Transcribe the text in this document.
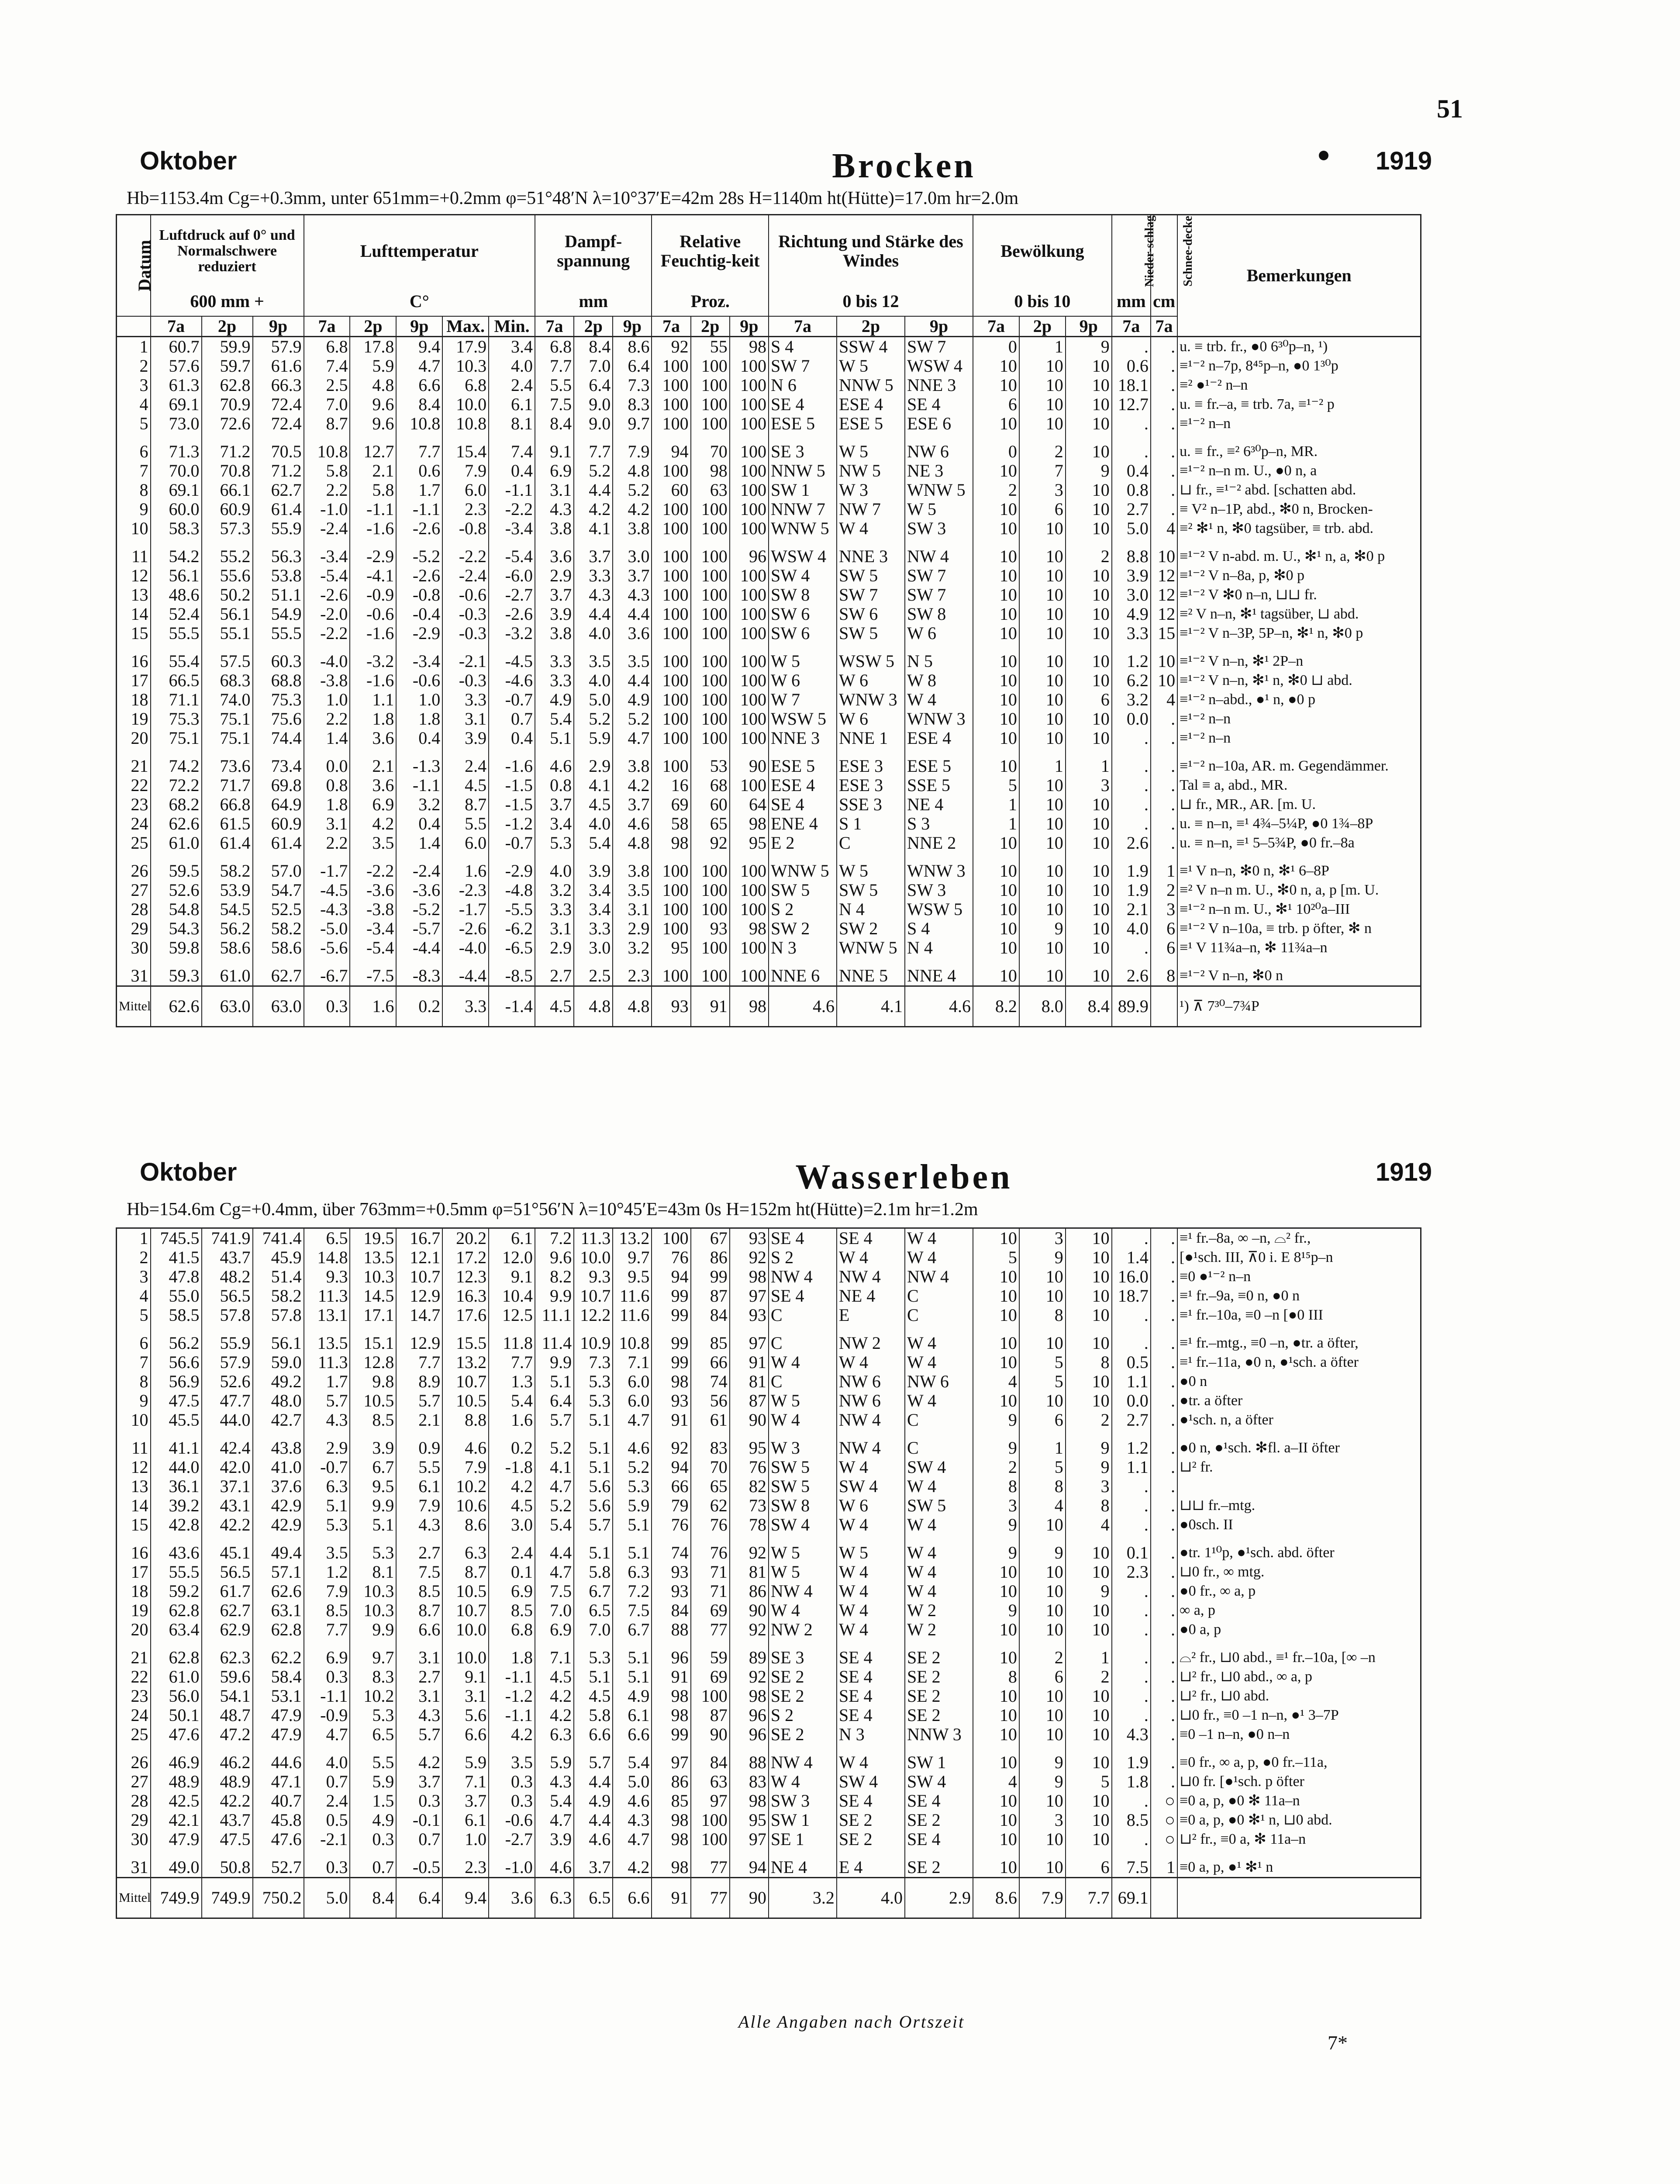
51
Oktober	Brocken	1919
Hb=1153.4m Cg=+0.3mm, unter 651mm=+0.2mm φ=51°48′N λ=10°37′E=42m 28s H=1140m ht(Hütte)=17.0m hr=2.0m
Datum	Luftdruck auf 0° und Normalschwere reduziert			Lufttemperatur					Dampf-spannung			Relative Feuchtig-keit			Richtung und Stärke des Windes			Bewölkung			Nieder-schlag	Schnee-decke	Bemerkungen
	600 mm +			C°					mm			Proz.			0 bis 12			0 bis 10			mm	cm	
	7a	2p	9p	7a	2p	9p	Max.	Min.	7a	2p	9p	7a	2p	9p	7a	2p	9p	7a	2p	9p	7a	7a	
1	60.7	59.9	57.9	6.8	17.8	9.4	17.9	3.4	6.8	8.4	8.6	92	55	98	S 4	SSW 4	SW 7	0	1	9	.	.	u. ≡ trb. fr., ●0 6³⁰p–n, ¹)
2	57.6	59.7	61.6	7.4	5.9	4.7	10.3	4.0	7.7	7.0	6.4	100	100	100	SW 7	W 5	WSW 4	10	10	10	0.6	.	≡¹⁻² n–7p, 8⁴⁵p–n, ●0 1³⁰p
3	61.3	62.8	66.3	2.5	4.8	6.6	6.8	2.4	5.5	6.4	7.3	100	100	100	N 6	NNW 5	NNE 3	10	10	10	18.1	.	≡² ●¹⁻² n–n
4	69.1	70.9	72.4	7.0	9.6	8.4	10.0	6.1	7.5	9.0	8.3	100	100	100	SE 4	ESE 4	SE 4	6	10	10	12.7	.	u. ≡ fr.–a, ≡ trb. 7a, ≡¹⁻² p
5	73.0	72.6	72.4	8.7	9.6	10.8	10.8	8.1	8.4	9.0	9.7	100	100	100	ESE 5	ESE 5	ESE 6	10	10	10	.	.	≡¹⁻² n–n

6	71.3	71.2	70.5	10.8	12.7	7.7	15.4	7.4	9.1	7.7	7.9	94	70	100	SE 3	W 5	NW 6	0	2	10	.	.	u. ≡ fr., ≡² 6³⁰p–n, MR.
7	70.0	70.8	71.2	5.8	2.1	0.6	7.9	0.4	6.9	5.2	4.8	100	98	100	NNW 5	NW 5	NE 3	10	7	9	0.4	.	≡¹⁻² n–n m. U., ●0 n, a
8	69.1	66.1	62.7	2.2	5.8	1.7	6.0	-1.1	3.1	4.4	5.2	60	63	100	SW 1	W 3	WNW 5	2	3	10	0.8	.	⊔ fr., ≡¹⁻² abd. [schatten abd.
9	60.0	60.9	61.4	-1.0	-1.1	-1.1	2.3	-2.2	4.3	4.2	4.2	100	100	100	NNW 7	NW 7	W 5	10	6	10	2.7	.	≡ V² n–1P, abd., ✻0 n, Brocken-
10	58.3	57.3	55.9	-2.4	-1.6	-2.6	-0.8	-3.4	3.8	4.1	3.8	100	100	100	WNW 5	W 4	SW 3	10	10	10	5.0	4	≡² ✻¹ n, ✻0 tagsüber, ≡ trb. abd.

11	54.2	55.2	56.3	-3.4	-2.9	-5.2	-2.2	-5.4	3.6	3.7	3.0	100	100	96	WSW 4	NNE 3	NW 4	10	10	2	8.8	10	≡¹⁻² V n-abd. m. U., ✻¹ n, a, ✻0 p
12	56.1	55.6	53.8	-5.4	-4.1	-2.6	-2.4	-6.0	2.9	3.3	3.7	100	100	100	SW 4	SW 5	SW 7	10	10	10	3.9	12	≡¹⁻² V n–8a, p, ✻0 p
13	48.6	50.2	51.1	-2.6	-0.9	-0.8	-0.6	-2.7	3.7	4.3	4.3	100	100	100	SW 8	SW 7	SW 7	10	10	10	3.0	12	≡¹⁻² V ✻0 n–n, ⊔⊔ fr.
14	52.4	56.1	54.9	-2.0	-0.6	-0.4	-0.3	-2.6	3.9	4.4	4.4	100	100	100	SW 6	SW 6	SW 8	10	10	10	4.9	12	≡² V n–n, ✻¹ tagsüber, ⊔ abd.
15	55.5	55.1	55.5	-2.2	-1.6	-2.9	-0.3	-3.2	3.8	4.0	3.6	100	100	100	SW 6	SW 5	W 6	10	10	10	3.3	15	≡¹⁻² V n–3P, 5P–n, ✻¹ n, ✻0 p

16	55.4	57.5	60.3	-4.0	-3.2	-3.4	-2.1	-4.5	3.3	3.5	3.5	100	100	100	W 5	WSW 5	N 5	10	10	10	1.2	10	≡¹⁻² V n–n, ✻¹ 2P–n
17	66.5	68.3	68.8	-3.8	-1.6	-0.6	-0.3	-4.6	3.3	4.0	4.4	100	100	100	W 6	W 6	W 8	10	10	10	6.2	10	≡¹⁻² V n–n, ✻¹ n, ✻0 ⊔ abd.
18	71.1	74.0	75.3	1.0	1.1	1.0	3.3	-0.7	4.9	5.0	4.9	100	100	100	W 7	WNW 3	W 4	10	10	6	3.2	4	≡¹⁻² n–abd., ●¹ n, ●0 p
19	75.3	75.1	75.6	2.2	1.8	1.8	3.1	0.7	5.4	5.2	5.2	100	100	100	WSW 5	W 6	WNW 3	10	10	10	0.0	.	≡¹⁻² n–n
20	75.1	75.1	74.4	1.4	3.6	0.4	3.9	0.4	5.1	5.9	4.7	100	100	100	NNE 3	NNE 1	ESE 4	10	10	10	.	.	≡¹⁻² n–n

21	74.2	73.6	73.4	0.0	2.1	-1.3	2.4	-1.6	4.6	2.9	3.8	100	53	90	ESE 5	ESE 3	ESE 5	10	1	1	.	.	≡¹⁻² n–10a, AR. m. Gegendämmer.
22	72.2	71.7	69.8	0.8	3.6	-1.1	4.5	-1.5	0.8	4.1	4.2	16	68	100	ESE 4	ESE 3	SSE 5	5	10	3	.	.	Tal ≡ a, abd., MR.
23	68.2	66.8	64.9	1.8	6.9	3.2	8.7	-1.5	3.7	4.5	3.7	69	60	64	SE 4	SSE 3	NE 4	1	10	10	.	.	⊔ fr., MR., AR. [m. U.
24	62.6	61.5	60.9	3.1	4.2	0.4	5.5	-1.2	3.4	4.0	4.6	58	65	98	ENE 4	S 1	S 3	1	10	10	.	.	u. ≡ n–n, ≡¹ 4¾–5¼P, ●0 1¾–8P
25	61.0	61.4	61.4	2.2	3.5	1.4	6.0	-0.7	5.3	5.4	4.8	98	92	95	E 2	C	NNE 2	10	10	10	2.6	.	u. ≡ n–n, ≡¹ 5–5¾P, ●0 fr.–8a

26	59.5	58.2	57.0	-1.7	-2.2	-2.4	1.6	-2.9	4.0	3.9	3.8	100	100	100	WNW 5	W 5	WNW 3	10	10	10	1.9	1	≡¹ V n–n, ✻0 n, ✻¹ 6–8P
27	52.6	53.9	54.7	-4.5	-3.6	-3.6	-2.3	-4.8	3.2	3.4	3.5	100	100	100	SW 5	SW 5	SW 3	10	10	10	1.9	2	≡² V n–n m. U., ✻0 n, a, p [m. U.
28	54.8	54.5	52.5	-4.3	-3.8	-5.2	-1.7	-5.5	3.3	3.4	3.1	100	100	100	S 2	N 4	WSW 5	10	10	10	2.1	3	≡¹⁻² n–n m. U., ✻¹ 10²⁰a–III
29	54.3	56.2	58.2	-5.0	-3.4	-5.7	-2.6	-6.2	3.1	3.3	2.9	100	93	98	SW 2	SW 2	S 4	10	9	10	4.0	6	≡¹⁻² V n–10a, ≡ trb. p öfter, ✻ n
30	59.8	58.6	58.6	-5.6	-5.4	-4.4	-4.0	-6.5	2.9	3.0	3.2	95	100	100	N 3	WNW 5	N 4	10	10	10	.	6	≡¹ V 11¾a–n, ✻ 11¾a–n

31	59.3	61.0	62.7	-6.7	-7.5	-8.3	-4.4	-8.5	2.7	2.5	2.3	100	100	100	NNE 6	NNE 5	NNE 4	10	10	10	2.6	8	≡¹⁻² V n–n, ✻0 n
Mittel	62.6	63.0	63.0	0.3	1.6	0.2	3.3	-1.4	4.5	4.8	4.8	93	91	98	4.6	4.1	4.6	8.2	8.0	8.4	89.9		¹) ⊼ 7³⁰–7¾P
Oktober	Wasserleben	1919
Hb=154.6m Cg=+0.4mm, über 763mm=+0.5mm φ=51°56′N λ=10°45′E=43m 0s H=152m ht(Hütte)=2.1m hr=1.2m
1	745.5	741.9	741.4	6.5	19.5	16.7	20.2	6.1	7.2	11.3	13.2	100	67	93	SE 4	SE 4	W 4	10	3	10	.	.	≡¹ fr.–8a, ∞ –n, ⌓² fr.,
2	41.5	43.7	45.9	14.8	13.5	12.1	17.2	12.0	9.6	10.0	9.7	76	86	92	S 2	W 4	W 4	5	9	10	1.4	.	[●¹sch. III, ⊼0 i. E 8¹⁵p–n
3	47.8	48.2	51.4	9.3	10.3	10.7	12.3	9.1	8.2	9.3	9.5	94	99	98	NW 4	NW 4	NW 4	10	10	10	16.0	.	≡0 ●¹⁻² n–n
4	55.0	56.5	58.2	11.3	14.5	12.9	16.3	10.4	9.9	10.7	11.6	99	87	97	SE 4	NE 4	C	10	10	10	18.7	.	≡¹ fr.–9a, ≡0 n, ●0 n
5	58.5	57.8	57.8	13.1	17.1	14.7	17.6	12.5	11.1	12.2	11.6	99	84	93	C	E	C	10	8	10	.	.	≡¹ fr.–10a, ≡0 –n [●0 III

6	56.2	55.9	56.1	13.5	15.1	12.9	15.5	11.8	11.4	10.9	10.8	99	85	97	C	NW 2	W 4	10	10	10	.	.	≡¹ fr.–mtg., ≡0 –n, ●tr. a öfter,
7	56.6	57.9	59.0	11.3	12.8	7.7	13.2	7.7	9.9	7.3	7.1	99	66	91	W 4	W 4	W 4	10	5	8	0.5	.	≡¹ fr.–11a, ●0 n, ●¹sch. a öfter
8	56.9	52.6	49.2	1.7	9.8	8.9	10.7	1.3	5.1	5.3	6.0	98	74	81	C	NW 6	NW 6	4	5	10	1.1	.	●0 n
9	47.5	47.7	48.0	5.7	10.5	5.7	10.5	5.4	6.4	5.3	6.0	93	56	87	W 5	NW 6	W 4	10	10	10	0.0	.	●tr. a öfter
10	45.5	44.0	42.7	4.3	8.5	2.1	8.8	1.6	5.7	5.1	4.7	91	61	90	W 4	NW 4	C	9	6	2	2.7	.	●¹sch. n, a öfter

11	41.1	42.4	43.8	2.9	3.9	0.9	4.6	0.2	5.2	5.1	4.6	92	83	95	W 3	NW 4	C	9	1	9	1.2	.	●0 n, ●¹sch. ✻fl. a–II öfter
12	44.0	42.0	41.0	-0.7	6.7	5.5	7.9	-1.8	4.1	5.1	5.2	94	70	76	SW 5	W 4	SW 4	2	5	9	1.1	.	⊔² fr.
13	36.1	37.1	37.6	6.3	9.5	6.1	10.2	4.2	4.7	5.6	5.3	66	65	82	SW 5	SW 4	W 4	8	8	3	.	.	
14	39.2	43.1	42.9	5.1	9.9	7.9	10.6	4.5	5.2	5.6	5.9	79	62	73	SW 8	W 6	SW 5	3	4	8	.	.	⊔⊔ fr.–mtg.
15	42.8	42.2	42.9	5.3	5.1	4.3	8.6	3.0	5.4	5.7	5.1	76	76	78	SW 4	W 4	W 4	9	10	4	.	.	●0sch. II

16	43.6	45.1	49.4	3.5	5.3	2.7	6.3	2.4	4.4	5.1	5.1	74	76	92	W 5	W 5	W 4	9	9	10	0.1	.	●tr. 1¹⁰p, ●¹sch. abd. öfter
17	55.5	56.5	57.1	1.2	8.1	7.5	8.7	0.1	4.7	5.8	6.3	93	71	81	W 5	W 4	W 4	10	10	10	2.3	.	⊔0 fr., ∞ mtg.
18	59.2	61.7	62.6	7.9	10.3	8.5	10.5	6.9	7.5	6.7	7.2	93	71	86	NW 4	W 4	W 4	10	10	9	.	.	●0 fr., ∞ a, p
19	62.8	62.7	63.1	8.5	10.3	8.7	10.7	8.5	7.0	6.5	7.5	84	69	90	W 4	W 4	W 2	9	10	10	.	.	∞ a, p
20	63.4	62.9	62.8	7.7	9.9	6.6	10.0	6.8	6.9	7.0	6.7	88	77	92	NW 2	W 4	W 2	10	10	10	.	.	●0 a, p

21	62.8	62.3	62.2	6.9	9.7	3.1	10.0	1.8	7.1	5.3	5.1	96	59	89	SE 3	SE 4	SE 2	10	2	1	.	.	⌓² fr., ⊔0 abd., ≡¹ fr.–10a, [∞ –n
22	61.0	59.6	58.4	0.3	8.3	2.7	9.1	-1.1	4.5	5.1	5.1	91	69	92	SE 2	SE 4	SE 2	8	6	2	.	.	⊔² fr., ⊔0 abd., ∞ a, p
23	56.0	54.1	53.1	-1.1	10.2	3.1	3.1	-1.2	4.2	4.5	4.9	98	100	98	SE 2	SE 4	SE 2	10	10	10	.	.	⊔² fr., ⊔0 abd.
24	50.1	48.7	47.9	-0.9	5.3	4.3	5.6	-1.1	4.2	5.8	6.1	98	87	96	S 2	SE 4	SE 2	10	10	10	.	.	⊔0 fr., ≡0 –1 n–n, ●¹ 3–7P
25	47.6	47.2	47.9	4.7	6.5	5.7	6.6	4.2	6.3	6.6	6.6	99	90	96	SE 2	N 3	NNW 3	10	10	10	4.3	.	≡0 –1 n–n, ●0 n–n

26	46.9	46.2	44.6	4.0	5.5	4.2	5.9	3.5	5.9	5.7	5.4	97	84	88	NW 4	W 4	SW 1	10	9	10	1.9	.	≡0 fr., ∞ a, p, ●0 fr.–11a,
27	48.9	48.9	47.1	0.7	5.9	3.7	7.1	0.3	4.3	4.4	5.0	86	63	83	W 4	SW 4	SW 4	4	9	5	1.8	.	⊔0 fr. [●¹sch. p öfter
28	42.5	42.2	40.7	2.4	1.5	0.3	3.7	0.3	5.4	4.9	4.6	85	97	98	SW 3	SE 4	SE 4	10	10	10	.	○	≡0 a, p, ●0 ✻ 11a–n
29	42.1	43.7	45.8	0.5	4.9	-0.1	6.1	-0.6	4.7	4.4	4.3	98	100	95	SW 1	SE 2	SE 2	10	3	10	8.5	○	≡0 a, p, ●0 ✻¹ n, ⊔0 abd.
30	47.9	47.5	47.6	-2.1	0.3	0.7	1.0	-2.7	3.9	4.6	4.7	98	100	97	SE 1	SE 2	SE 4	10	10	10	.	○	⊔² fr., ≡0 a, ✻ 11a–n

31	49.0	50.8	52.7	0.3	0.7	-0.5	2.3	-1.0	4.6	3.7	4.2	98	77	94	NE 4	E 4	SE 2	10	10	6	7.5	1	≡0 a, p, ●¹ ✻¹ n
Mittel	749.9	749.9	750.2	5.0	8.4	6.4	9.4	3.6	6.3	6.5	6.6	91	77	90	3.2	4.0	2.9	8.6	7.9	7.7	69.1		
Alle Angaben nach Ortszeit
7*
